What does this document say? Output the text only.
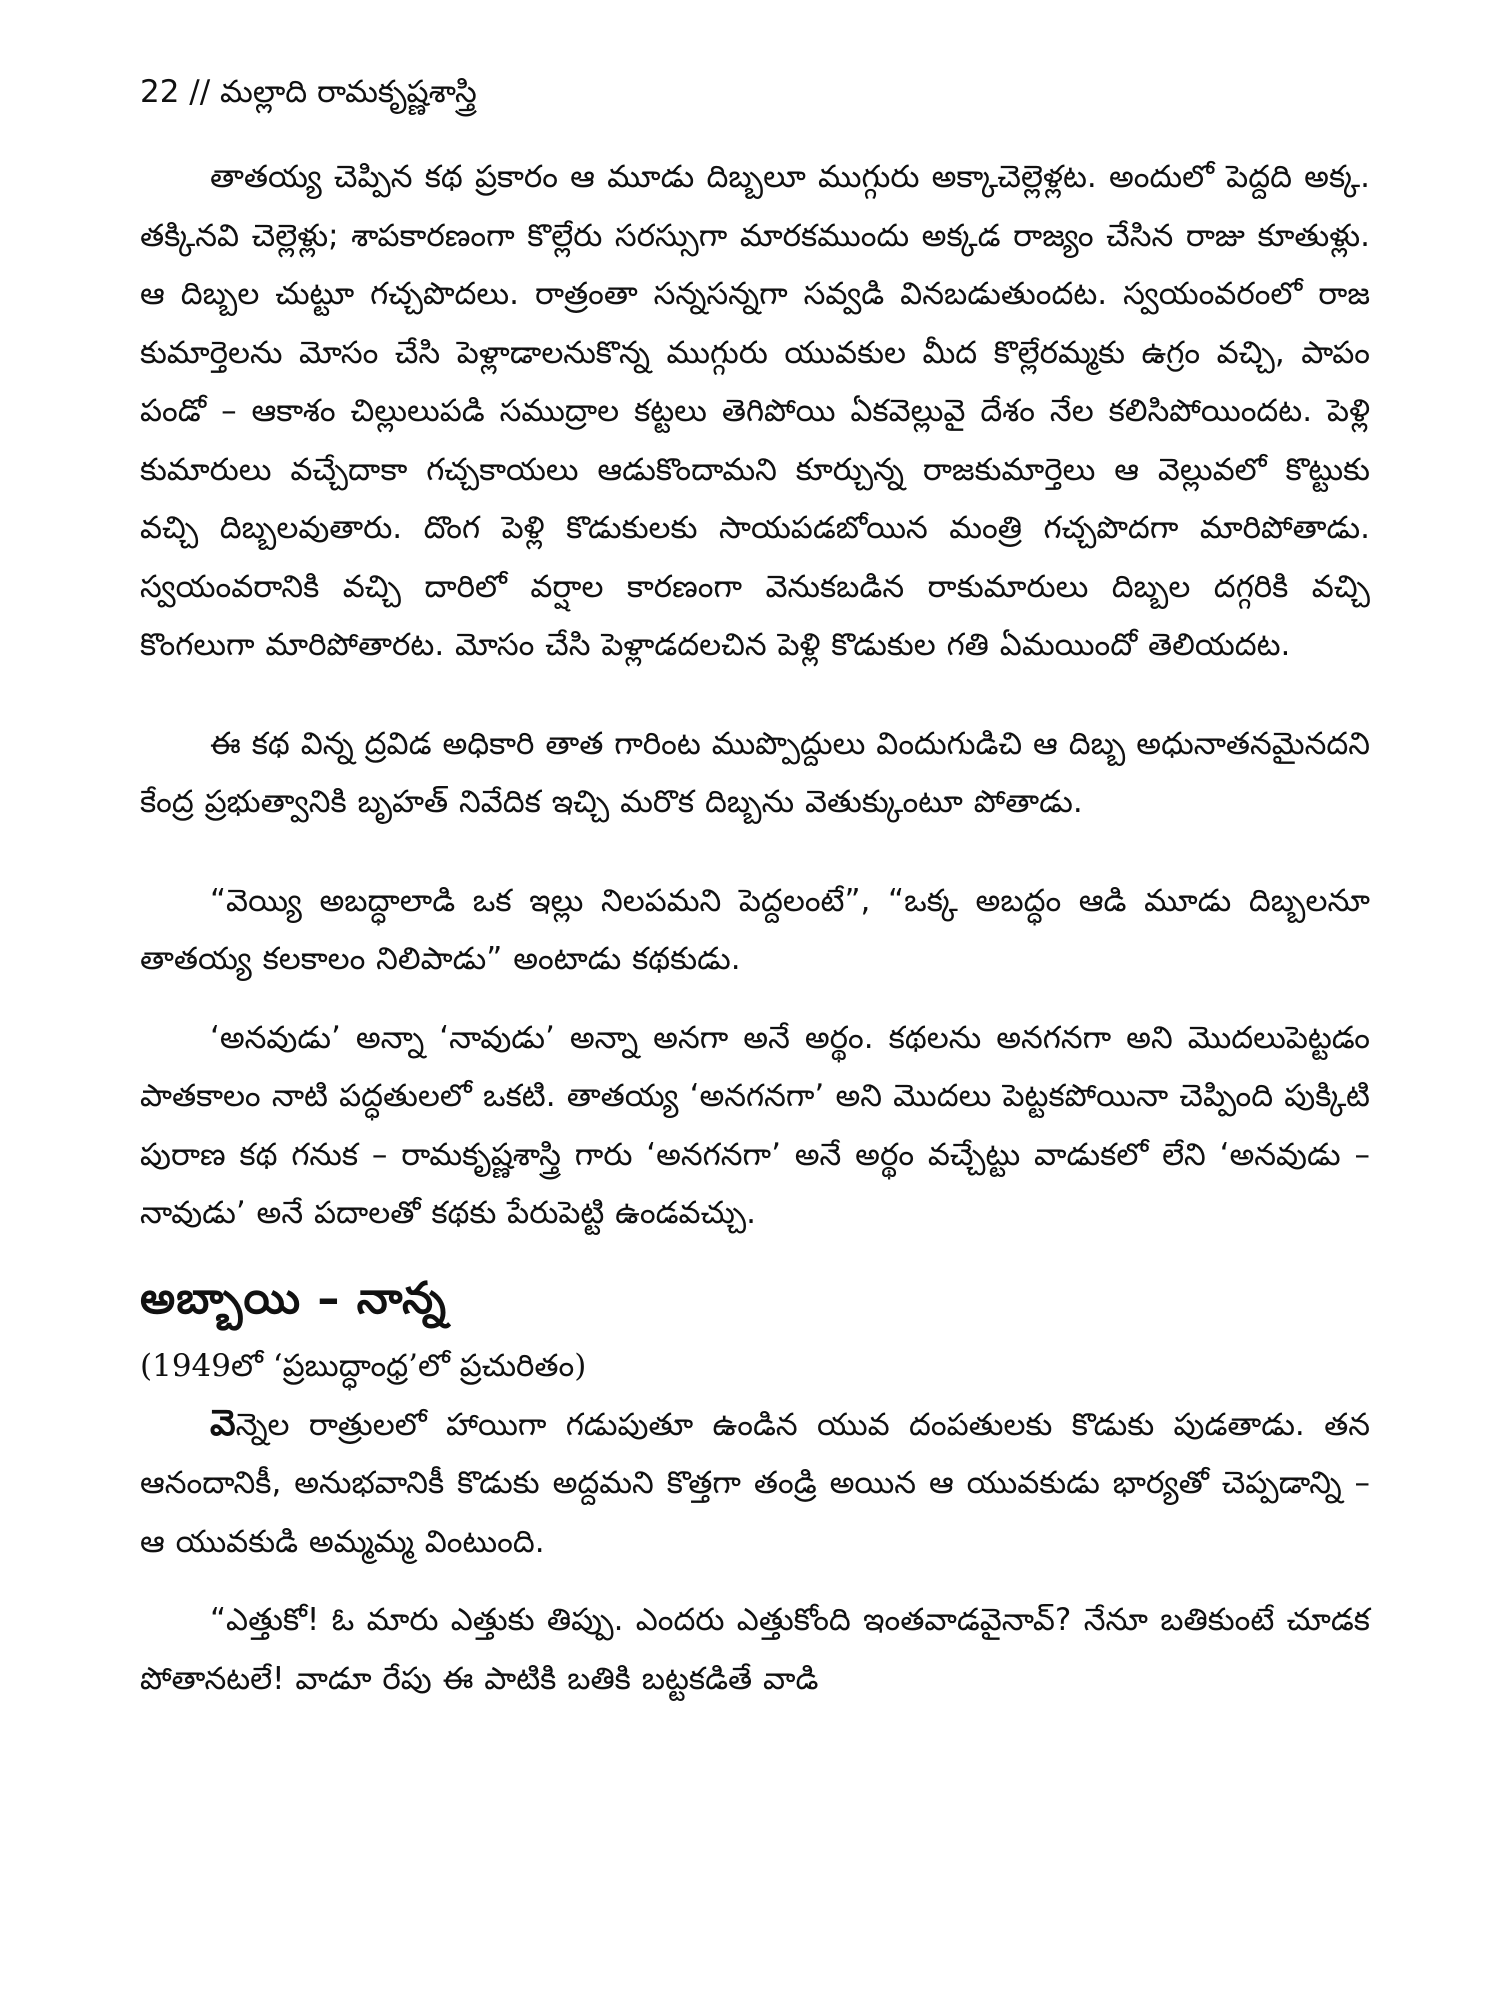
22 // మల్లాది రామకృష్ణశాస్త్రి

తాతయ్య చెప్పిన కథ ప్రకారం ఆ మూడు దిబ్బలూ ముగ్గురు అక్కాచెల్లెళ్లట. అందులో పెద్దది అక్క. తక్కినవి చెల్లెళ్లు; శాపకారణంగా కొల్లేరు సరస్సుగా మారకముందు అక్కడ రాజ్యం చేసిన రాజు కూతుళ్లు. ఆ దిబ్బల చుట్టూ గచ్చపొదలు. రాత్రంతా సన్నసన్నగా సవ్వడి వినబడుతుందట. స్వయంవరంలో రాజ కుమార్తెలను మోసం చేసి పెళ్లాడాలనుకొన్న ముగ్గురు యువకుల మీద కొల్లేరమ్మకు ఉగ్రం వచ్చి, పాపం పండో – ఆకాశం చిల్లులుపడి సముద్రాల కట్టలు తెగిపోయి ఏకవెల్లువై దేశం నేల కలిసిపోయిందట. పెళ్లి కుమారులు వచ్చేదాకా గచ్చకాయలు ఆడుకొందామని కూర్చున్న రాజకుమార్తెలు ఆ వెల్లువలో కొట్టుకు వచ్చి దిబ్బలవుతారు. దొంగ పెళ్లి కొడుకులకు సాయపడబోయిన మంత్రి గచ్చపొదగా మారిపోతాడు. స్వయంవరానికి వచ్చి దారిలో వర్షాల కారణంగా వెనుకబడిన రాకుమారులు దిబ్బల దగ్గరికి వచ్చి కొంగలుగా మారిపోతారట. మోసం చేసి పెళ్లాడదలచిన పెళ్లి కొడుకుల గతి ఏమయిందో తెలియదట.

ఈ కథ విన్న ద్రవిడ అధికారి తాత గారింట ముప్పొద్దులు విందుగుడిచి ఆ దిబ్బ అధునాతనమైనదని కేంద్ర ప్రభుత్వానికి బృహత్ నివేదిక ఇచ్చి మరొక దిబ్బను వెతుక్కుంటూ పోతాడు.

“వెయ్యి అబద్ధాలాడి ఒక ఇల్లు నిలపమని పెద్దలంటే”, “ఒక్క అబద్ధం ఆడి మూడు దిబ్బలనూ తాతయ్య కలకాలం నిలిపాడు” అంటాడు కథకుడు.

‘అనవుడు’ అన్నా ‘నావుడు’ అన్నా అనగా అనే అర్థం. కథలను అనగనగా అని మొదలుపెట్టడం పాతకాలం నాటి పద్ధతులలో ఒకటి. తాతయ్య ‘అనగనగా’ అని మొదలు పెట్టకపోయినా చెప్పింది పుక్కిటి పురాణ కథ గనుక – రామకృష్ణశాస్త్రి గారు ‘అనగనగా’ అనే అర్థం వచ్చేట్టు వాడుకలో లేని ‘అనవుడు – నావుడు’ అనే పదాలతో కథకు పేరుపెట్టి ఉండవచ్చు.

అబ్బాయి – నాన్న
(1949లో ‘ప్రబుద్ధాంధ్ర’లో ప్రచురితం)

వెన్నెల రాత్రులలో హాయిగా గడుపుతూ ఉండిన యువ దంపతులకు కొడుకు పుడతాడు. తన ఆనందానికీ, అనుభవానికీ కొడుకు అద్దమని కొత్తగా తండ్రి అయిన ఆ యువకుడు భార్యతో చెప్పడాన్ని – ఆ యువకుడి అమ్మమ్మ వింటుంది.

“ఎత్తుకో! ఓ మారు ఎత్తుకు తిప్పు. ఎందరు ఎత్తుకోంది ఇంతవాడవైనావ్? నేనూ బతికుంటే చూడక పోతానటలే! వాడూ రేపు ఈ పాటికి బతికి బట్టకడితే వాడి
